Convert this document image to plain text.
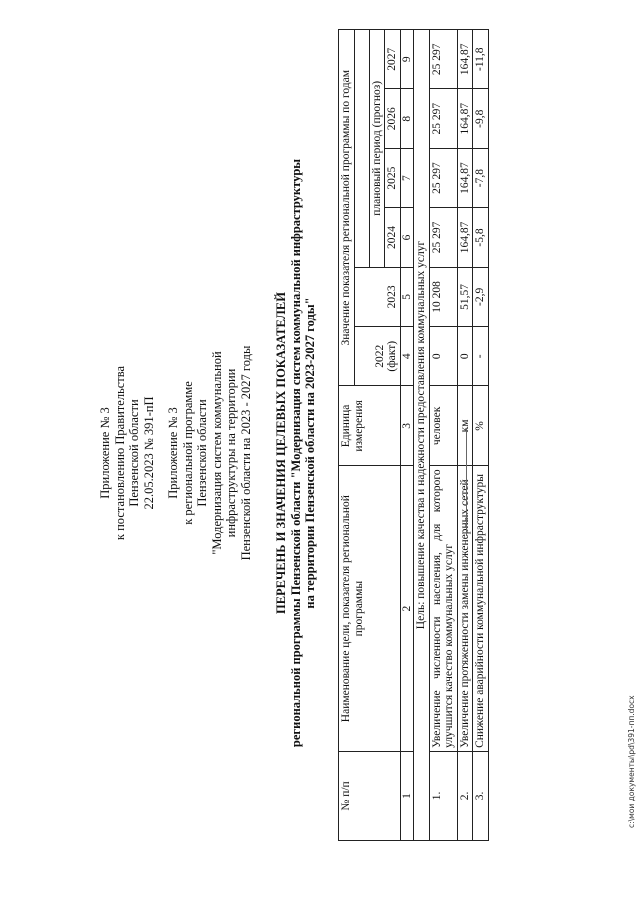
Приложение № 3 к постановлению Правительства Пензенской области 22.05.2023 № 391-пП Приложение № 3 к региональной программе Пензенской области "Модернизация систем коммунальной инфраструктуры на территории Пензенской области на 2023 - 2027 годы ПЕРЕЧЕНЬ И ЗНАЧЕНИЯ ЦЕЛЕВЫХ ПОКАЗАТЕЛЕЙ региональной программы Пензенской области "Модернизация систем коммунальной инфраструктуры на территории Пензенской области на 2023-2027 годы"
№ п/п	Наименование цели, показателя региональной программы	Единица измерения	Значение показателя региональной программы по годам					
			2022 (факт)	2023				
					плановый период (прогноз)			
					2024	2025	2026	2027
1	2	3	4	5	6	7	8	9
Цель: повышение качества и надежности предоставления коммунальных услуг								
1.	Увеличение численности населения, для которого улучшится качество коммунальных услуг	человек	0	10 208	25 297	25 297	25 297	25 297
2.	Увеличение протяженности замены инженерных сетей	км	0	51,57	164,87	164,87	164,87	164,87
3.	Снижение аварийности коммунальной инфраструктуры	%	-	-2,9	-5,8	-7,8	-9,8	-11,8
c:\мои документы\pd\391-пп.docx
